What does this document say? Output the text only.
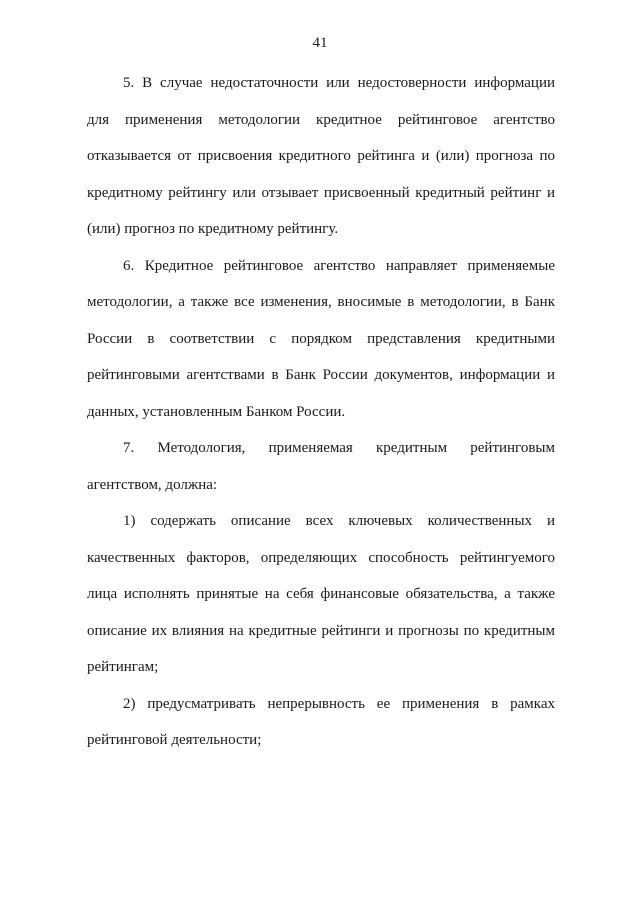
41
5. В случае недостаточности или недостоверности информации
для применения методологии кредитное рейтинговое агентство
отказывается от присвоения кредитного рейтинга и (или) прогноза по
кредитному рейтингу или отзывает присвоенный кредитный рейтинг и
(или) прогноз по кредитному рейтингу.
6. Кредитное рейтинговое агентство направляет применяемые
методологии, а также все изменения, вносимые в методологии, в Банк
России в соответствии с порядком представления кредитными
рейтинговыми агентствами в Банк России документов, информации и
данных, установленным Банком России.
7. Методология, применяемая кредитным рейтинговым
агентством, должна:
1) содержать описание всех ключевых количественных и
качественных факторов, определяющих способность рейтингуемого
лица исполнять принятые на себя финансовые обязательства, а также
описание их влияния на кредитные рейтинги и прогнозы по кредитным
рейтингам;
2) предусматривать непрерывность ее применения в рамках
рейтинговой деятельности;
